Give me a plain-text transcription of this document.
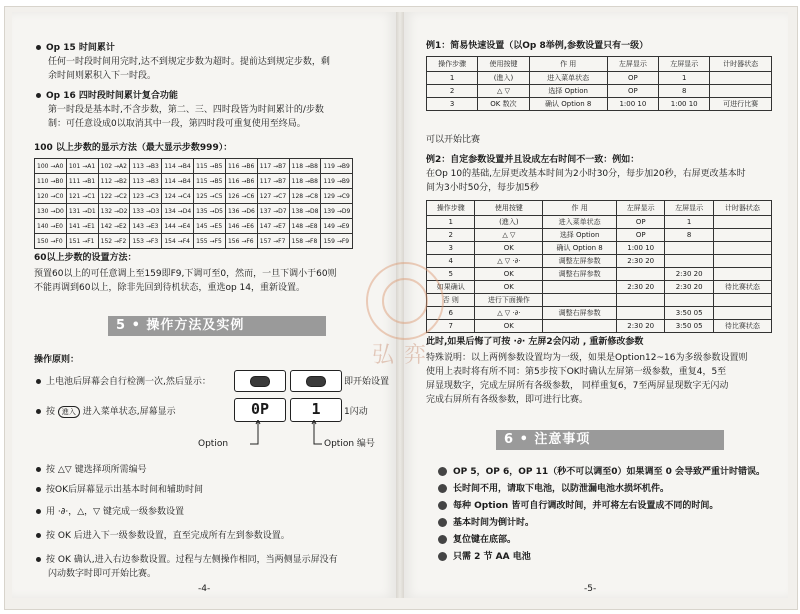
Op 15 时间累计
任何一时段时间用完时,达不到规定步数为超时。提前达到规定步数，剩
余时间则累积入下一时段。
Op 16 四时段时间累计复合功能
第一时段是基本时,不含步数，第二、三、四时段皆为时间累计的/步数
制：可任意设成0以取消其中一段，第四时段可重复使用至终局。
100 以上步数的显示方法（最大显示步数999）：
100 →A0	101 →A1	102 →A2	113 →B3	114 →B4	115 →B5	116 →B6	117 →B7	118 →B8	119 →B9
110 →B0	111 →B1	112 →B2	113 →B3	114 →B4	115 →B5	116 →B6	117 →B7	118 →B8	119 →B9
120 →C0	121 →C1	122 →C2	123 →C3	124 →C4	125 →C5	126 →C6	127 →C7	128 →C8	129 →C9
130 →D0	131 →D1	132 →D2	133 →D3	134 →D4	135 →D5	136 →D6	137 →D7	138 →D8	139 →D9
140 →E0	141 →E1	142 →E2	143 →E3	144 →E4	145 →E5	146 →E6	147 →E7	148 →E8	149 →E9
150 →F0	151 →F1	152 →F2	153 →F3	154 →F4	155 →F5	156 →F6	157 →F7	158 →F8	159 →F9
60以上步数的设置方法：
预置60以上的可任意调上至159即F9,下调可至0，然而，一旦下调小于60则
不能再调到60以上，除非先回到待机状态，重选op 14，重新设置。
5 • 操作方法及实例
操作原则：
上电池后屏幕会自行检测一次,然后显示：	即开始设置
按 進入 进入菜单状态,屏幕显示	0P	1	1闪动
Option	Option 编号
按 △▽ 键选择项所需编号
按OK后屏幕显示出基本时间和辅助时间
用 ·∂·，△，▽ 键完成一级参数设置
按 OK 后进入下一级参数设置，直至完成所有左到参数设置。
按 OK 确认,进入右边参数设置。过程与左侧操作相同，当两侧显示屏没有
闪动数字时即可开始比赛。
-4-
例1：简易快速设置（以Op 8举例,参数设置只有一级）
操作步骤	使用按键	作 用	左屏显示	左屏显示	计时器状态
1	(進入)	进入菜单状态	OP	1	
2	△ ▽	选择 Option	OP	8	
3	OK 数次	确认 Option 8	1:00 10	1:00 10	可进行比赛
可以开始比赛
例2：自定参数设置并且设成左右时间不一致：例如：
在Op 10的基础,左屏更改基本时间为2小时30分，每步加20秒，右屏更改基本时
间为3小时50分，每步加5秒
操作步骤	使用按键	作 用	左屏显示	左屏显示	计时器状态
1	(進入)	进入菜单状态	OP	1	
2	△ ▽	选择 Option	OP	8	
3	OK	确认 Option 8	1:00 10		
4	△ ▽ ·∂·	调整左屏参数	2:30 20		
5	OK	调整右屏参数		2:30 20	
如果确认	OK		2:30 20	2:30 20	待比赛状态
否 则	进行下面操作				
6	△ ▽ ·∂·	调整右屏参数		3:50 05	
7	OK		2:30 20	3:50 05	待比赛状态
此时,如果后悔了可按 ·∂· 左屏2会闪动 , 重新修改参数
特殊说明：以上两例参数设置均为一级，如果是Option12~16为多级参数设置则
使用上表时将有所不同：第5步按下OK时确认左屏第一级参数，重复4，5至
屏显现数字，完成左屏所有各级参数， 同样重复6，7至两屏显现数字无闪动
完成右屏所有各级参数，即可进行比赛。
6 • 注意事项
OP 5，OP 6，OP 11（秒不可以调至0）如果调至 0 会导致严重计时错误。
长时间不用，请取下电池，以防泄漏电池水损坏机件。
每种 Option 皆可自行调改时间，并可将左右设置成不同的时间。
基本时间为倒计时。
复位键在底部。
只需 2 节 AA 电池
-5-
弘弈
